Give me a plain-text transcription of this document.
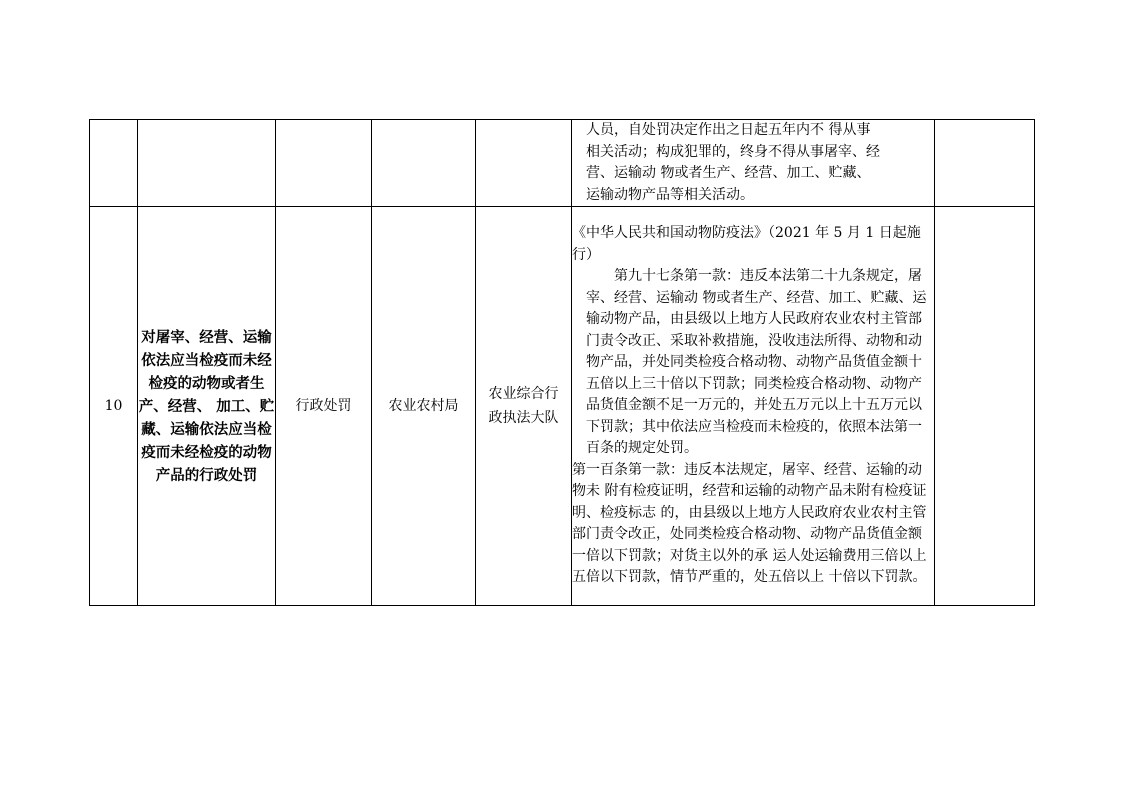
					人员，自处罚决定作出之日起五年内不 得从事

相关活动；构成犯罪的，终身不得从事屠宰、经

营、运输动 物或者生产、经营、加工、贮藏、

运输动物产品等相关活动。	

10	对屠宰、经营、运输依法应当检疫而未经检疫的动物或者生产、经营、 加工、贮藏、运输依法应当检疫而未经检疫的动物产品的行政处罚	行政处罚	农业农村局	农业综合行政执法大队	《中华人民共和国动物防疫法》（2021 年 5 月 1 日起施行）

第九十七条第一款：违反本法第二十九条规定，屠宰、经营、运输动 物或者生产、经营、加工、贮藏、运输动物产品，由县级以上地方人民政府农业农村主管部门责令改正、采取补救措施，没收违法所得、动物和动物产品，并处同类检疫合格动物、动物产品货值金额十五倍以上三十倍以下罚款；同类检疫合格动物、动物产品货值金额不足一万元的，并处五万元以上十五万元以下罚款；其中依法应当检疫而未检疫的，依照本法第一百条的规定处罚。

第一百条第一款：违反本法规定，屠宰、经营、运输的动物未 附有检疫证明，经营和运输的动物产品未附有检疫证明、检疫标志 的，由县级以上地方人民政府农业农村主管部门责令改正，处同类检疫合格动物、动物产品货值金额一倍以下罚款；对货主以外的承 运人处运输费用三倍以上五倍以下罚款，情节严重的，处五倍以上 十倍以下罚款。	
